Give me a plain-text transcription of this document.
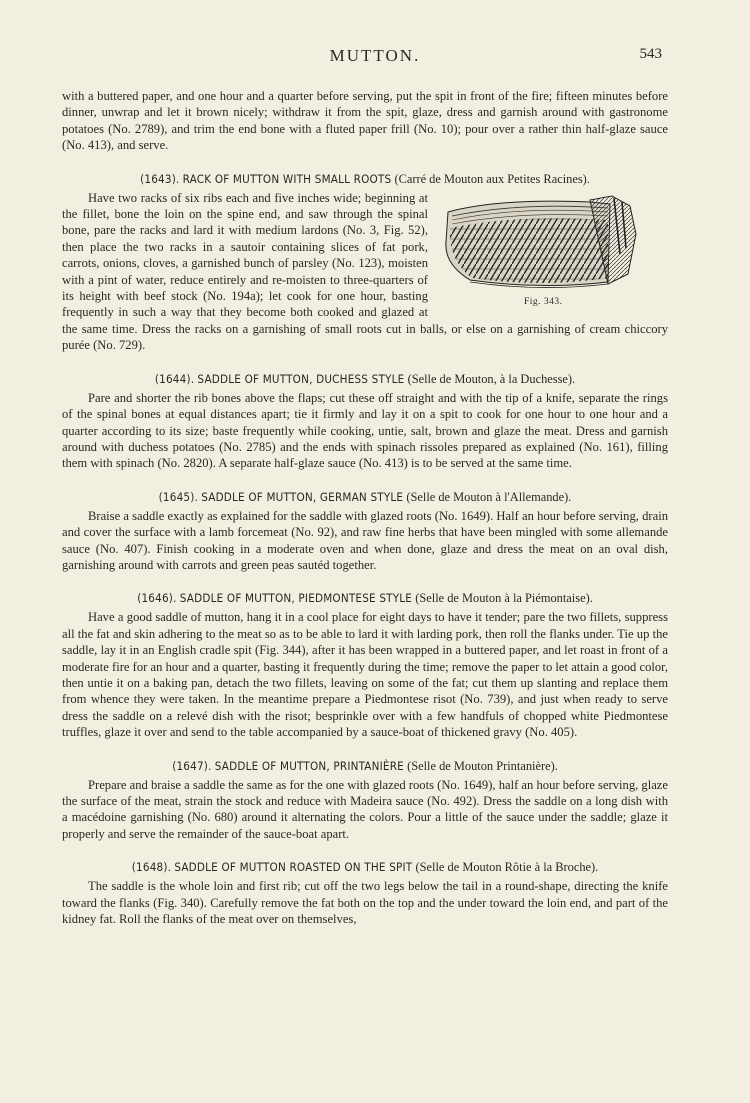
MUTTON.	543

with a buttered paper, and one hour and a quarter before serving, put the spit in front of the fire; fifteen minutes before dinner, unwrap and let it brown nicely; withdraw it from the spit, glaze, dress and garnish around with gastronome potatoes (No. 2789), and trim the end bone with a fluted paper frill (No. 10); pour over a rather thin half-glaze sauce (No. 413), and serve.

(1643). RACK OF MUTTON WITH SMALL ROOTS (Carré de Mouton aux Petites Racines).
Fig. 343.

Have two racks of six ribs each and five inches wide; beginning at the fillet, bone the loin on the spine end, and saw through the spinal bone, pare the racks and lard it with medium lardons (No. 3, Fig. 52), then place the two racks in a sautoir containing slices of fat pork, carrots, onions, cloves, a garnished bunch of parsley (No. 123), moisten with a pint of water, reduce entirely and re-moisten to three-quarters of its height with beef stock (No. 194a); let cook for one hour, basting frequently in such a way that they become both cooked and glazed at the same time. Dress the racks on a garnishing of small roots cut in balls, or else on a garnishing of cream chiccory purée (No. 729).

(1644). SADDLE OF MUTTON, DUCHESS STYLE (Selle de Mouton, à la Duchesse).

Pare and shorter the rib bones above the flaps; cut these off straight and with the tip of a knife, separate the rings of the spinal bones at equal distances apart; tie it firmly and lay it on a spit to cook for one hour to one hour and a quarter according to its size; baste frequently while cooking, untie, salt, brown and glaze the meat. Dress and garnish around with duchess potatoes (No. 2785) and the ends with spinach rissoles prepared as explained (No. 161), filling them with spinach (No. 2820). A separate half-glaze sauce (No. 413) is to be served at the same time.

(1645). SADDLE OF MUTTON, GERMAN STYLE (Selle de Mouton à l'Allemande).

Braise a saddle exactly as explained for the saddle with glazed roots (No. 1649). Half an hour before serving, drain and cover the surface with a lamb forcemeat (No. 92), and raw fine herbs that have been mingled with some allemande sauce (No. 407). Finish cooking in a moderate oven and when done, glaze and dress the meat on an oval dish, garnishing around with carrots and green peas sautéd together.

(1646). SADDLE OF MUTTON, PIEDMONTESE STYLE (Selle de Mouton à la Piémontaise).

Have a good saddle of mutton, hang it in a cool place for eight days to have it tender; pare the two fillets, suppress all the fat and skin adhering to the meat so as to be able to lard it with larding pork, then roll the flanks under. Tie up the saddle, lay it in an English cradle spit (Fig. 344), after it has been wrapped in a buttered paper, and let roast in front of a moderate fire for an hour and a quarter, basting it frequently during the time; remove the paper to let attain a good color, then untie it on a baking pan, detach the two fillets, leaving on some of the fat; cut them up slanting and replace them from whence they were taken. In the meantime prepare a Piedmontese risot (No. 739), and just when ready to serve dress the saddle on a relevé dish with the risot; besprinkle over with a few handfuls of chopped white Piedmontese truffles, glaze it over and send to the table accompanied by a sauce-boat of thickened gravy (No. 405).

(1647). SADDLE OF MUTTON, PRINTANIÈRE (Selle de Mouton Printanière).

Prepare and braise a saddle the same as for the one with glazed roots (No. 1649), half an hour before serving, glaze the surface of the meat, strain the stock and reduce with Madeira sauce (No. 492). Dress the saddle on a long dish with a macédoine garnishing (No. 680) around it alternating the colors. Pour a little of the sauce under the saddle; glaze it properly and serve the remainder of the sauce-boat apart.

(1648). SADDLE OF MUTTON ROASTED ON THE SPIT (Selle de Mouton Rôtie à la Broche).

The saddle is the whole loin and first rib; cut off the two legs below the tail in a round-shape, directing the knife toward the flanks (Fig. 340). Carefully remove the fat both on the top and the under toward the loin end, and part of the kidney fat. Roll the flanks of the meat over on themselves,
